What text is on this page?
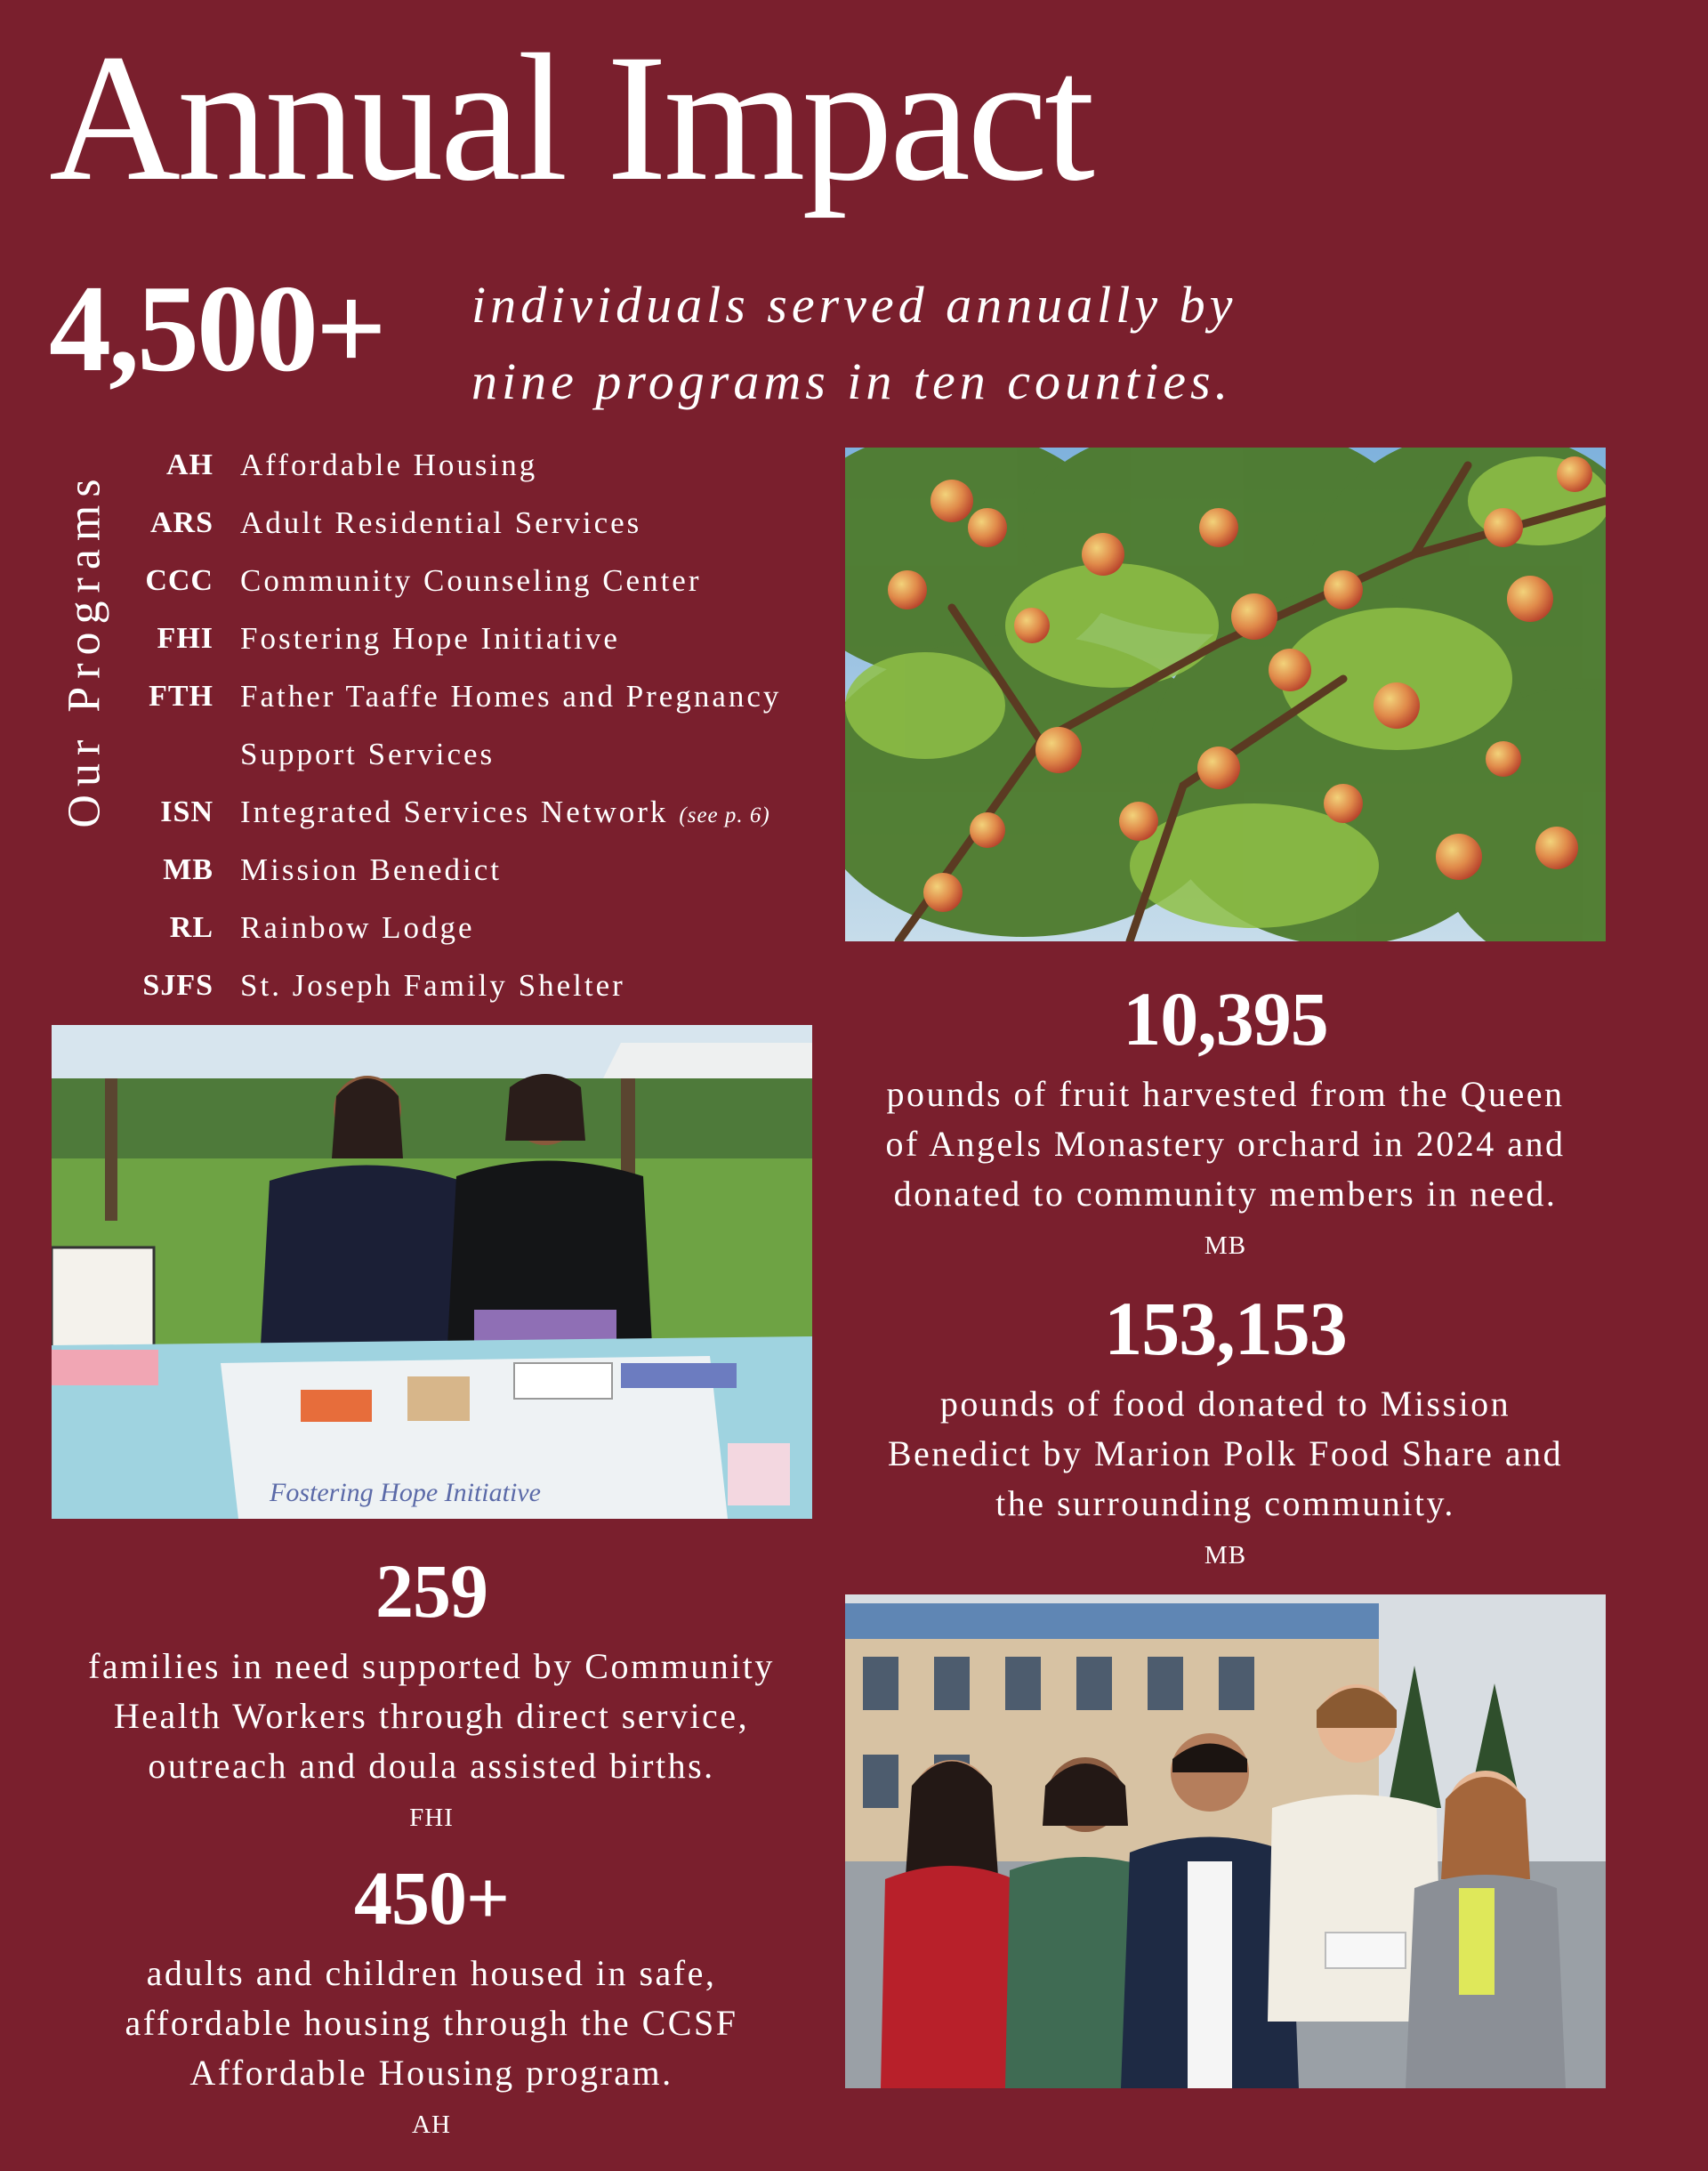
Annual Impact
4,500+ individuals served annually by
nine programs in ten counties.
Our Programs
AH Affordable Housing
ARS Adult Residential Services
CCC Community Counseling Center
FHI Fostering Hope Initiative
FTH Father Taaffe Homes and Pregnancy
Support Services
ISN Integrated Services Network (see p. 6)
MB Mission Benedict
RL Rainbow Lodge
SJFS St. Joseph Family Shelter
Fostering Hope Initiative
10,395
pounds of fruit harvested from the Queen
of Angels Monastery orchard in 2024 and
donated to community members in need.
MB
153,153
pounds of food donated to Mission
Benedict by Marion Polk Food Share and
the surrounding community.
MB
259
families in need supported by Community
Health Workers through direct service,
outreach and doula assisted births.
FHI
450+
adults and children housed in safe,
affordable housing through the CCSF
Affordable Housing program.
AH
